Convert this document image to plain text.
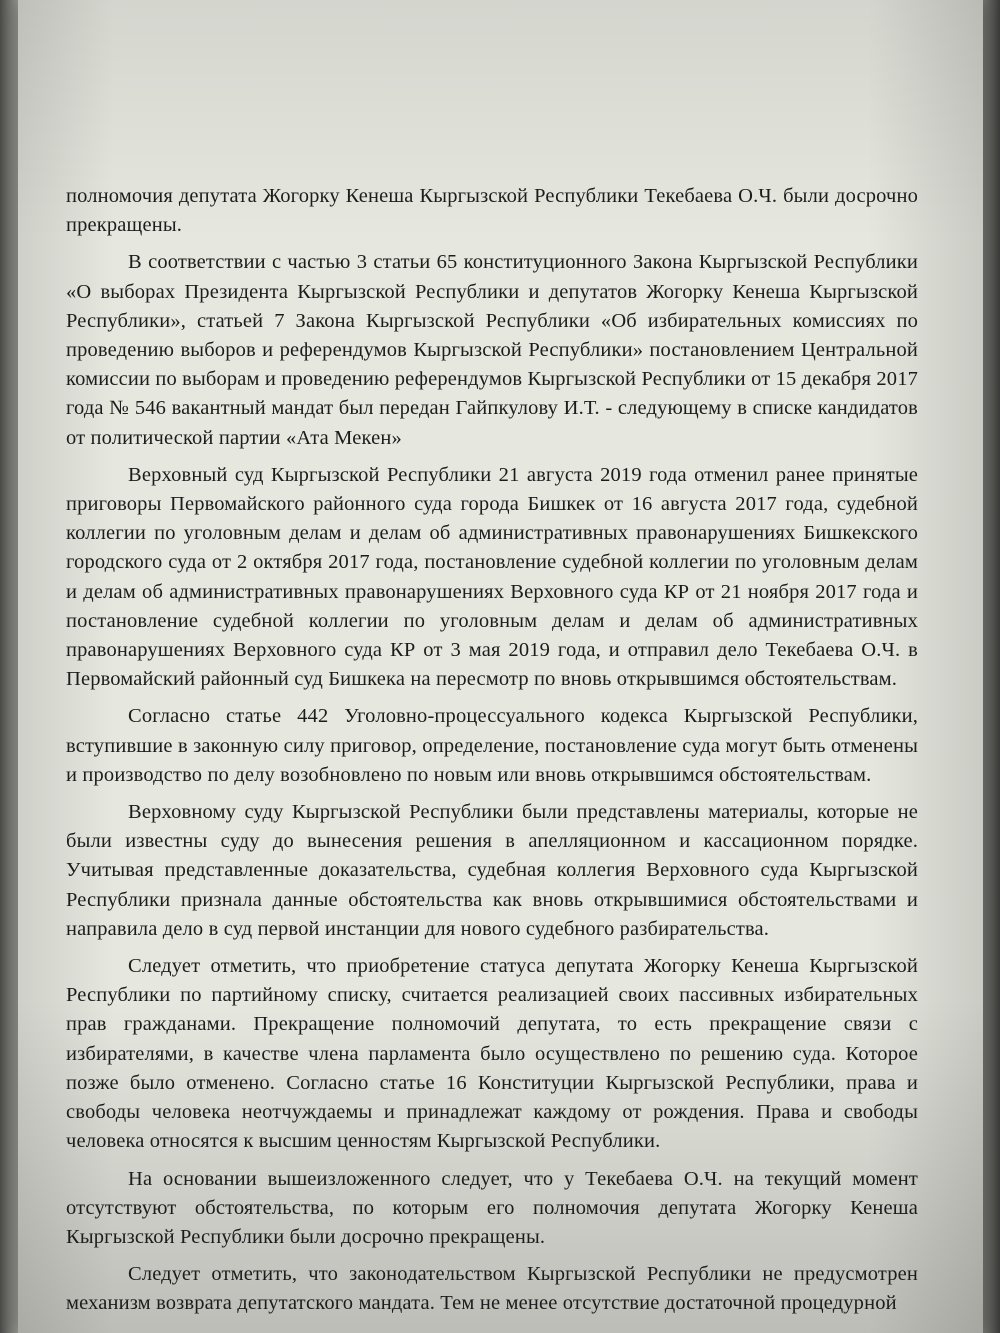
полномочия депутата Жогорку Кенеша Кыргызской Республики Текебаева О.Ч. были досрочно прекращены.

В соответствии с частью 3 статьи 65 конституционного Закона Кыргызской Республики «О выборах Президента Кыргызской Республики и депутатов Жогорку Кенеша Кыргызской Республики», статьей 7 Закона Кыргызской Республики «Об избирательных комиссиях по проведению выборов и референдумов Кыргызской Республики» постановлением Центральной комиссии по выборам и проведению референдумов Кыргызской Республики от 15 декабря 2017 года № 546 вакантный мандат был передан Гайпкулову И.Т. - следующему в списке кандидатов от политической партии «Ата Мекен»

Верховный суд Кыргызской Республики 21 августа 2019 года отменил ранее принятые приговоры Первомайского районного суда города Бишкек от 16 августа 2017 года, судебной коллегии по уголовным делам и делам об административных правонарушениях Бишкекского городского суда от 2 октября 2017 года, постановление судебной коллегии по уголовным делам и делам об административных правонарушениях Верховного суда КР от 21 ноября 2017 года и постановление судебной коллегии по уголовным делам и делам об административных правонарушениях Верховного суда КР от 3 мая 2019 года, и отправил дело Текебаева О.Ч. в Первомайский районный суд Бишкека на пересмотр по вновь открывшимся обстоятельствам.

Согласно статье 442 Уголовно-процессуального кодекса Кыргызской Республики, вступившие в законную силу приговор, определение, постановление суда могут быть отменены и производство по делу возобновлено по новым или вновь открывшимся обстоятельствам.

Верховному суду Кыргызской Республики были представлены материалы, которые не были известны суду до вынесения решения в апелляционном и кассационном порядке. Учитывая представленные доказательства, судебная коллегия Верховного суда Кыргызской Республики признала данные обстоятельства как вновь открывшимися обстоятельствами и направила дело в суд первой инстанции для нового судебного разбирательства.

Следует отметить, что приобретение статуса депутата Жогорку Кенеша Кыргызской Республики по партийному списку, считается реализацией своих пассивных избирательных прав гражданами. Прекращение полномочий депутата, то есть прекращение связи с избирателями, в качестве члена парламента было осуществлено по решению суда. Которое позже было отменено. Согласно статье 16 Конституции Кыргызской Республики, права и свободы человека неотчуждаемы и принадлежат каждому от рождения. Права и свободы человека относятся к высшим ценностям Кыргызской Республики.

На основании вышеизложенного следует, что у Текебаева О.Ч. на текущий момент отсутствуют обстоятельства, по которым его полномочия депутата Жогорку Кенеша Кыргызской Республики были досрочно прекращены.

Следует отметить, что законодательством Кыргызской Республики не предусмотрен механизм возврата депутатского мандата. Тем не менее отсутствие достаточной процедурной
